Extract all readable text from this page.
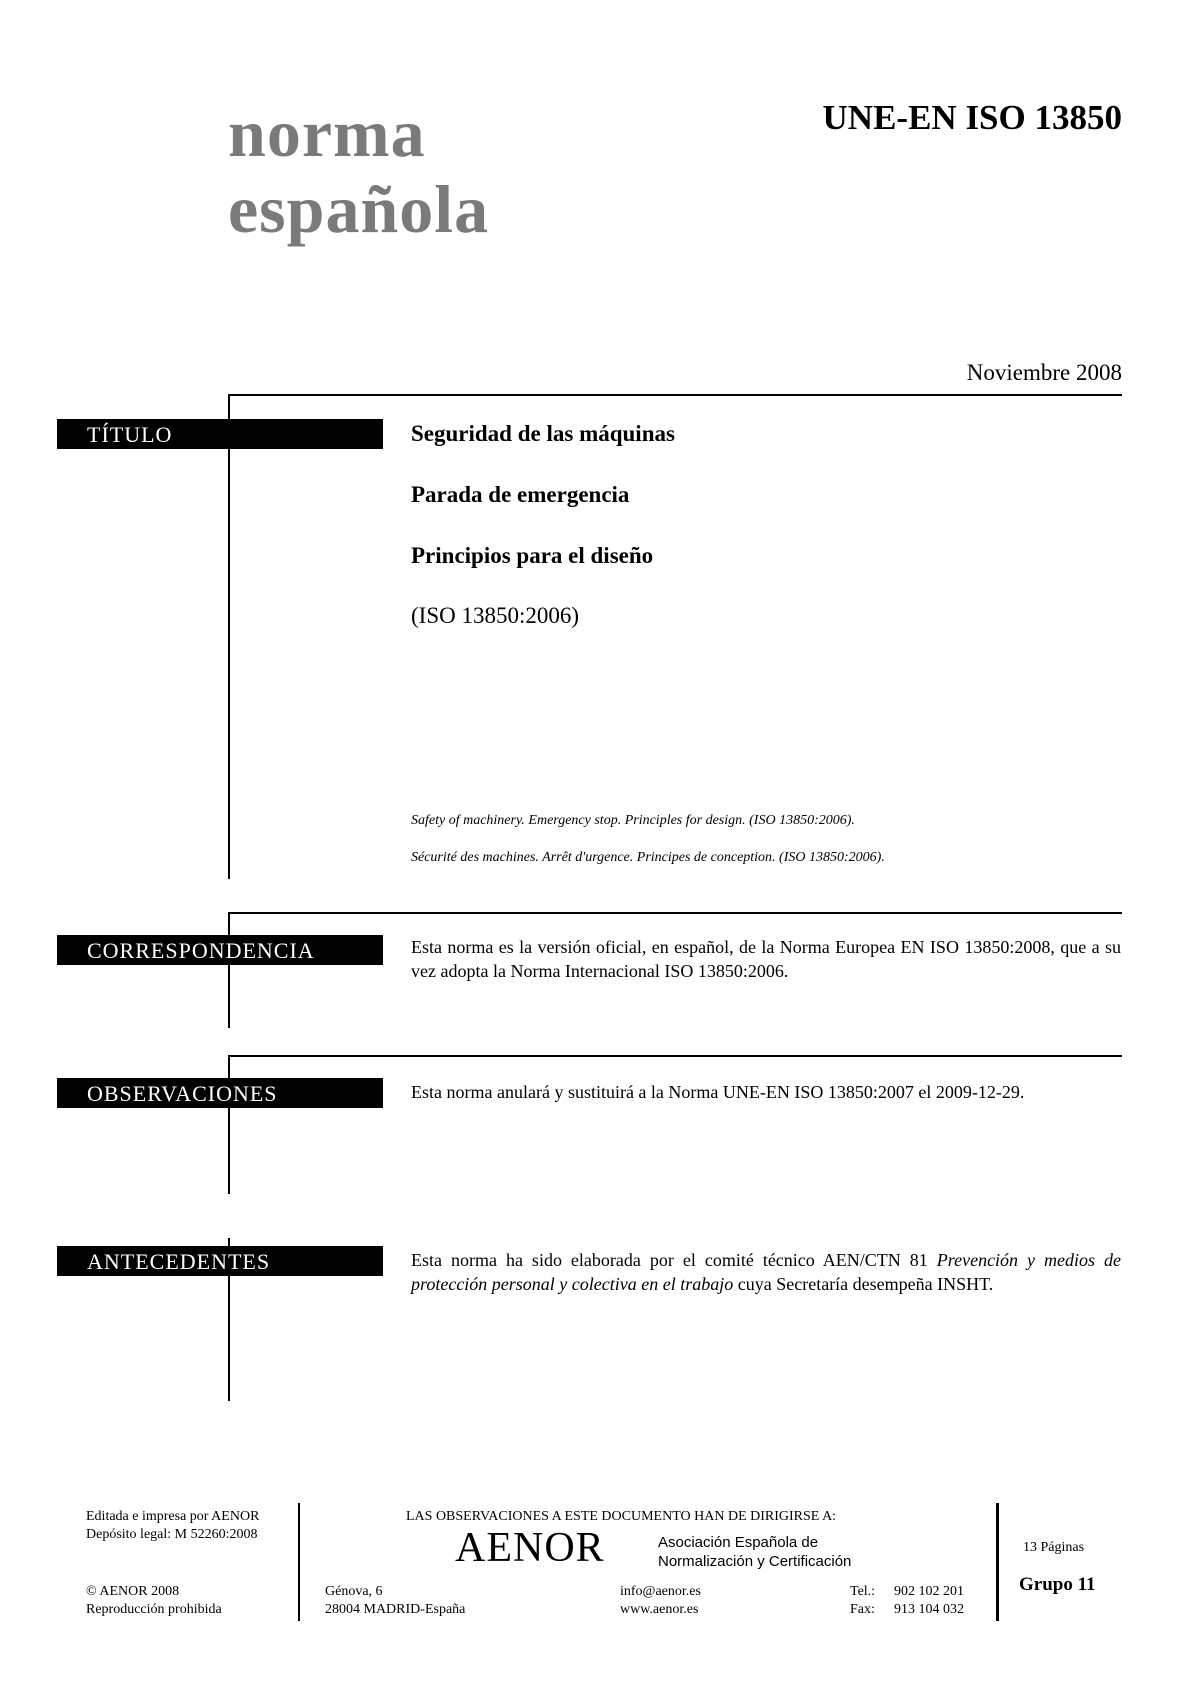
norma
española
UNE-EN ISO 13850
Noviembre 2008
TÍTULO	Seguridad de las máquinas
Parada de emergencia
Principios para el diseño
(ISO 13850:2006)
Safety of machinery. Emergency stop. Principles for design. (ISO 13850:2006).
Sécurité des machines. Arrêt d'urgence. Principes de conception. (ISO 13850:2006).
CORRESPONDENCIA	Esta norma es la versión oficial, en español, de la Norma Europea EN ISO 13850:2008, que a su vez adopta la Norma Internacional ISO 13850:2006.
OBSERVACIONES	Esta norma anulará y sustituirá a la Norma UNE-EN ISO 13850:2007 el 2009-12-29.
ANTECEDENTES	Esta norma ha sido elaborada por el comité técnico AEN/CTN 81 Prevención y medios de protección personal y colectiva en el trabajo cuya Secretaría desempeña INSHT.
Editada e impresa por AENOR
Depósito legal: M 52260:2008
© AENOR 2008
Reproducción prohibida
LAS OBSERVACIONES A ESTE DOCUMENTO HAN DE DIRIGIRSE A:
AENOR	Asociación Española de
Normalización y Certificación
Génova, 6
28004 MADRID-España
info@aenor.es
www.aenor.es
Tel.: 902 102 201
Fax: 913 104 032
13 Páginas
Grupo 11
